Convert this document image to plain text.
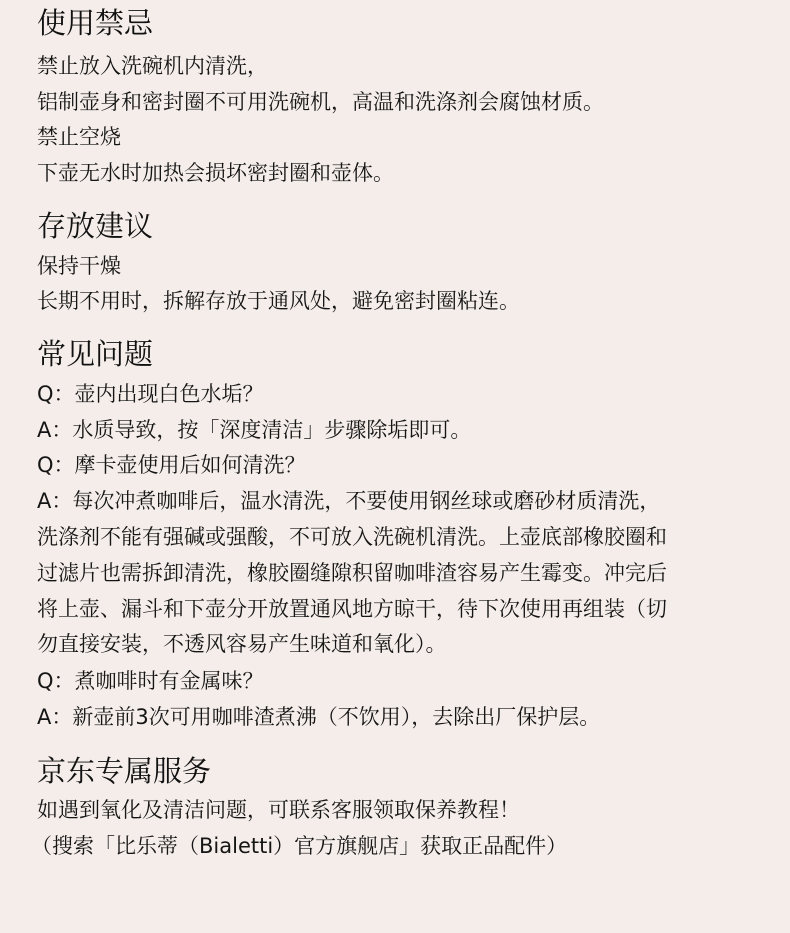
使用禁忌

禁止放入洗碗机内清洗，

铝制壶身和密封圈不可用洗碗机，高温和洗涤剂会腐蚀材质。

禁止空烧

下壶无水时加热会损坏密封圈和壶体。

存放建议

保持干燥

长期不用时，拆解存放于通风处，避免密封圈粘连。

常见问题

Q：壶内出现白色水垢？

A：水质导致，按「深度清洁」步骤除垢即可。

Q：摩卡壶使用后如何清洗？

A：每次冲煮咖啡后，温水清洗，不要使用钢丝球或磨砂材质清洗，

洗涤剂不能有强碱或强酸，不可放入洗碗机清洗。上壶底部橡胶圈和

过滤片也需拆卸清洗，橡胶圈缝隙积留咖啡渣容易产生霉变。冲完后

将上壶、漏斗和下壶分开放置通风地方晾干，待下次使用再组装（切

勿直接安装，不透风容易产生味道和氧化）。

Q：煮咖啡时有金属味？

A：新壶前3次可用咖啡渣煮沸（不饮用），去除出厂保护层。

京东专属服务

如遇到氧化及清洁问题，可联系客服领取保养教程！

（搜索「比乐蒂（Bialetti）官方旗舰店」获取正品配件）
